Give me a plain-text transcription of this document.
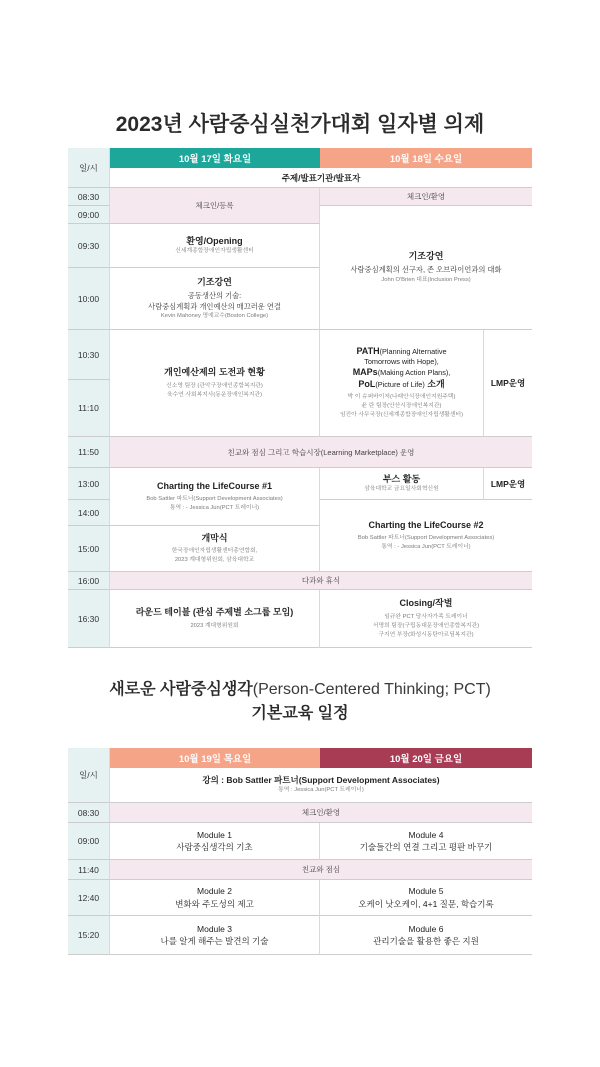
2023년 사람중심실천가대회 일자별 의제
일/시
10월 17일 화요일	10월 18일 수요일
주제/발표기관/발표자
08:30
09:00
09:30
10:00
10:30
11:10
11:50
13:00
14:00
15:00
16:00
16:30
체크인/등록
환영/Opening
신세계종합장애인자립생활센터
기조강연
공동생산의 기술:
사람중심계획과 개인예산의 매끄러운 연결
Kevin Mahoney 명예교수(Boston College)
개인예산제의 도전과 현황
신소영 팀장 (관악구장애인종합복지관)
육수연 사회복지사(동운장애인복지관)
친교와 점심 그리고 학습시장(Learning Marketplace) 운영
Charting the LifeCourse #1
Bob Sattler 파트너(Support Development Associates)
통역 : - Jessica Jun(PCT 트레이너)
개막식
한국장애인자립생활센터총연합회,
2023 계대형위원회, 삼육대학교
다과와 휴식
라운드 테이블 (관심 주제별 소그룹 모임)
2023 계대형위원회
체크인/환영
기조강연
사람중심계획의 선구자, 존 오브라이언과의 대화
John O'Brien 대표(Inclusion Press)
PATH(Planning Alternative
Tomorrows with Hope),
MAPs(Making Action Plans),
PoL(Picture of Life) 소개
박 이 슈퍼바이저(나래안식장애인지원주택)
윤 란 팀장(안산시장애인복지관)
임진아 사무국장(신세계종합장애인자립생활센터)
LMP운영
부스 활동
삼육대학교 금요일사회혁신원
LMP운영
Charting the LifeCourse #2
Bob Sattler 파트너(Support Development Associates)
통역 : - Jessica Jun(PCT 트레이너)
Closing/작별
임규완 PCT 당사자가족 트레이너
서명희 팀장(구립동대문장애인종합복지관)
구지연 부장(화성시동탄아르딤복지관)
새로운 사람중심생각(Person-Centered Thinking; PCT)
기본교육 일정
일/시
10월 19일 목요일	10월 20일 금요일
강의 : Bob Sattler 파트너(Support Development Associates)
통역 : Jessica Jun(PCT 트레이너)
08:30
09:00
11:40
12:40
15:20
체크인/환영
Module 1
사람중심생각의 기초
Module 4
기술들간의 연결 그리고 평판 바꾸기
친교와 점심
Module 2
변화와 주도성의 제고
Module 5
오케이 낫오케이, 4+1 질문, 학습기록
Module 3
나를 알게 해주는 발견의 기술
Module 6
관리기술을 활용한 좋은 지원
